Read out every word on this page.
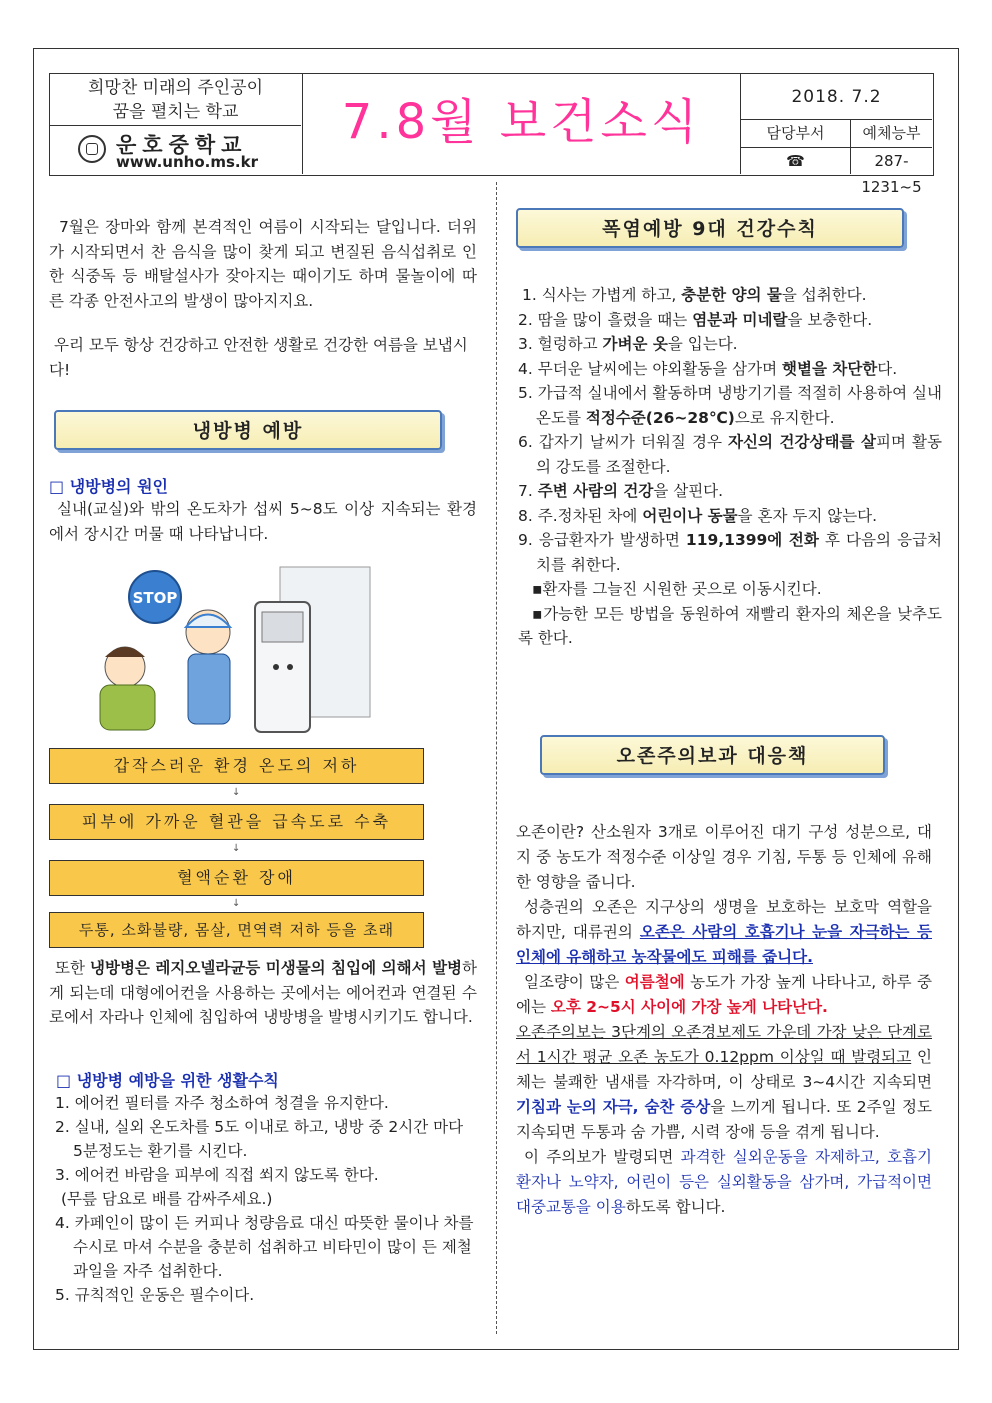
희망찬 미래의 주인공이
꿈을 펼치는 학교
운호중학교
www.unho.ms.kr
7.8월 보건소식	2018. 7.2
담당부서	예체능부
☎	287-1231~5

7월은 장마와 함께 본격적인 여름이 시작되는 달입니다. 더위가 시작되면서 찬 음식을 많이 찾게 되고 변질된 음식섭취로 인한 식중독 등 배탈설사가 잦아지는 때이기도 하며 물놀이에 따른 각종 안전사고의 발생이 많아지지요.

우리 모두 항상 건강하고 안전한 생활로 건강한 여름을 보냅시다!

냉방병 예방
□ 냉방병의 원인

실내(교실)와 밖의 온도차가 섭씨 5~8도 이상 지속되는 환경에서 장시간 머물 때 나타납니다.

STOP
갑작스러운 환경 온도의 저하
↓
피부에 가까운 혈관을 급속도로 수축
↓
혈액순환 장애
↓
두통, 소화불량, 몸살, 면역력 저하 등을 초래

또한 냉방병은 레지오넬라균등 미생물의 침입에 의해서 발병하게 되는데 대형에어컨을 사용하는 곳에서는 에어컨과 연결된 수로에서 자라나 인체에 침입하여 냉방병을 발병시키기도 합니다.

□ 냉방병 예방을 위한 생활수칙
1. 에어컨 필터를 자주 청소하여 청결을 유지한다.
2. 실내, 실외 온도차를 5도 이내로 하고, 냉방 중 2시간 마다 5분정도는 환기를 시킨다.
3. 에어컨 바람을 피부에 직접 쐬지 않도록 한다.
(무릎 담요로 배를 감싸주세요.)
4. 카페인이 많이 든 커피나 청량음료 대신 따뜻한 물이나 차를 수시로 마셔 수분을 충분히 섭취하고 비타민이 많이 든 제철 과일을 자주 섭취한다.
5. 규칙적인 운동은 필수이다.
폭염예방 9대 건강수칙
1. 식사는 가볍게 하고, 충분한 양의 물을 섭취한다.
2. 땀을 많이 흘렸을 때는 염분과 미네랄을 보충한다.
3. 헐렁하고 가벼운 옷을 입는다.
4. 무더운 날씨에는 야외활동을 삼가며 햇볕을 차단한다.
5. 가급적 실내에서 활동하며 냉방기기를 적절히 사용하여 실내온도를 적정수준(26~28℃)으로 유지한다.
6. 갑자기 날씨가 더워질 경우 자신의 건강상태를 살피며 활동의 강도를 조절한다.
7. 주변 사람의 건강을 살핀다.
8. 주.정차된 차에 어린이나 동물을 혼자 두지 않는다.
9. 응급환자가 발생하면 119,1399에 전화 후 다음의 응급처치를 취한다.
▪환자를 그늘진 시원한 곳으로 이동시킨다.
▪가능한 모든 방법을 동원하여 재빨리 환자의 체온을 낮추도록 한다.
오존주의보과 대응책
오존이란? 산소원자 3개로 이루어진 대기 구성 성분으로, 대지 중 농도가 적정수준 이상일 경우 기침, 두통 등 인체에 유해한 영향을 줍니다.
성층권의 오존은 지구상의 생명을 보호하는 보호막 역할을 하지만, 대류권의 오존은 사람의 호흡기나 눈을 자극하는 등 인체에 유해하고 농작물에도 피해를 줍니다.
일조량이 많은 여름철에 농도가 가장 높게 나타나고, 하루 중에는 오후 2~5시 사이에 가장 높게 나타난다.
오존주의보는 3단계의 오존경보제도 가운데 가장 낮은 단계로서 1시간 평균 오존 농도가 0.12ppm 이상일 때 발령되고 인체는 불쾌한 냄새를 자각하며, 이 상태로 3~4시간 지속되면 기침과 눈의 자극, 숨찬 증상을 느끼게 됩니다. 또 2주일 정도 지속되면 두통과 숨 가쁨, 시력 장애 등을 겪게 됩니다.
이 주의보가 발령되면 과격한 실외운동을 자제하고, 호흡기 환자나 노약자, 어린이 등은 실외활동을 삼가며, 가급적이면 대중교통을 이용하도록 합니다.
